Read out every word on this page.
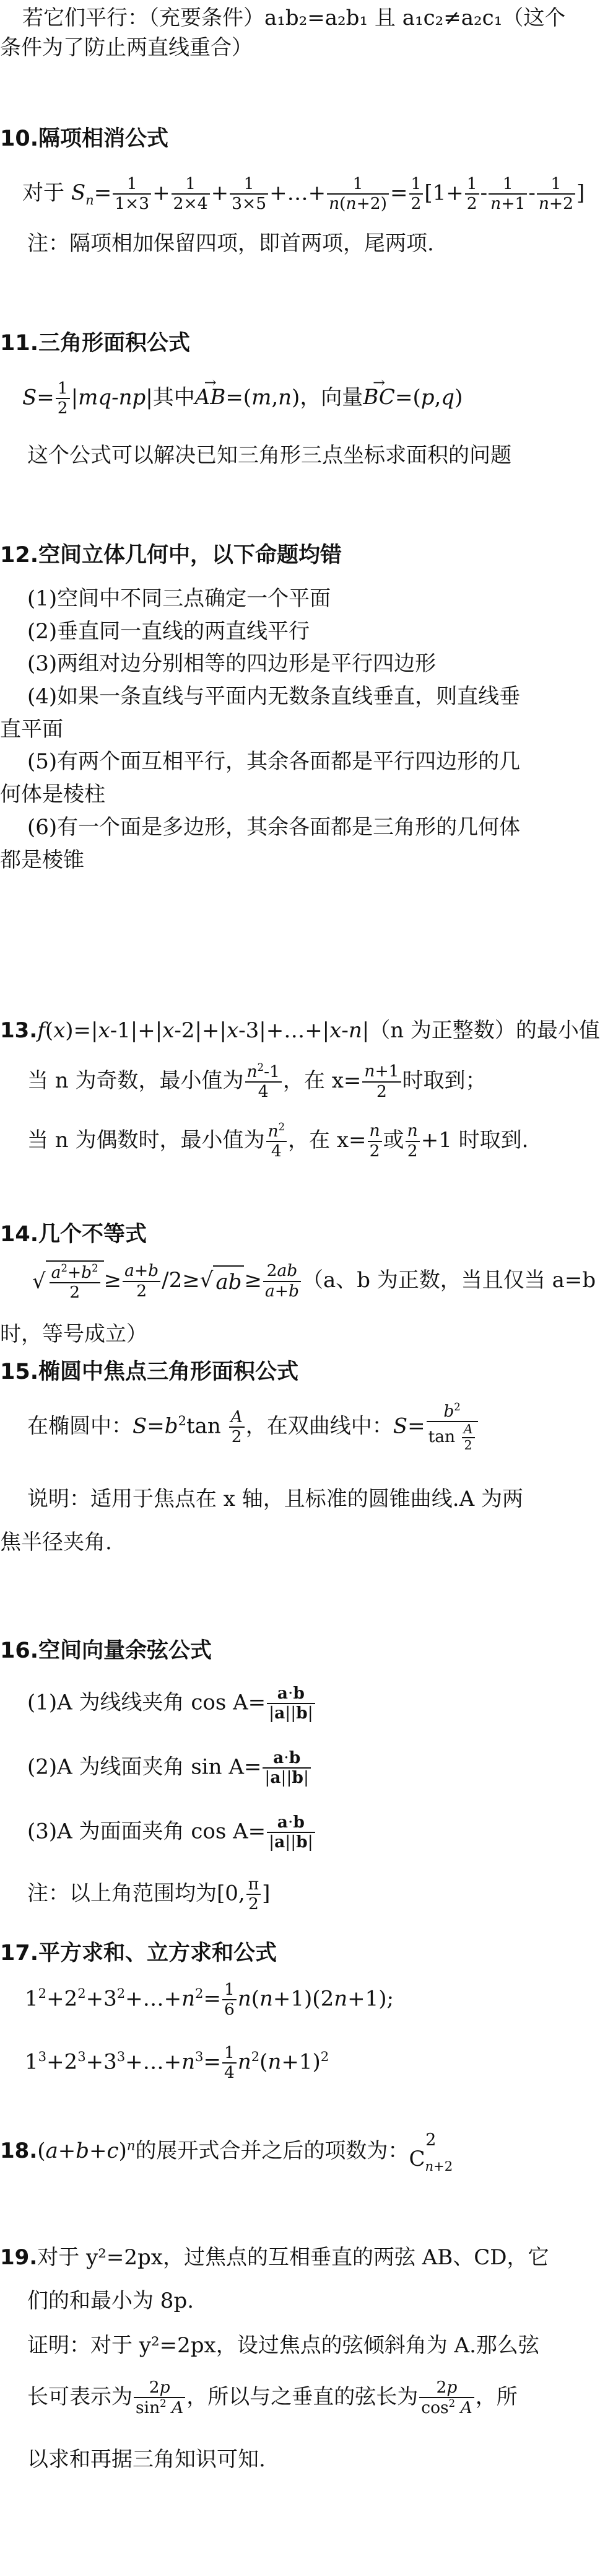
若它们平行：（充要条件）a₁b₂=a₂b₁ 且 a₁c₂≠a₂c₁（这个
条件为了防止两直线重合）
10.隔项相消公式
对于 $S_n= \frac{1}{1\times 3} + \frac{1}{2\times 4} + \frac{1}{3\times 5}$ +…+ $\frac{1}{n(n+2)} = \frac{1}{2} [1+ \frac{1}{2} - \frac{1}{n+1} - \frac{1}{n+2}$ ]
注：隔项相加保留四项，即首两项，尾两项.
11.三角形面积公式
$S= \frac{1}{2} |mq-np|$其中→ AB=(m,n)，向量→ BC=(p,q)
这个公式可以解决已知三角形三点坐标求面积的问题
12.空间立体几何中，以下命题均错
(1)空间中不同三点确定一个平面
(2)垂直同一直线的两直线平行
(3)两组对边分别相等的四边形是平行四边形
(4)如果一条直线与平面内无数条直线垂直，则直线垂
直平面
(5)有两个面互相平行，其余各面都是平行四边形的几
何体是棱柱
(6)有一个面是多边形，其余各面都是三角形的几何体
都是棱锥
13.f(x)=|x-1|+|x-2|+|x-3|+…+|x-n|（n 为正整数）的最小值
当 n 为奇数，最小值为 $\frac{n^2-1}{4}$ ，在 $x= \frac{n+1}{2}$ 时取到；
当 n 为偶数时，最小值为 $\frac{n^2}{4}$ ，在 $x= \frac{n}{2}$ 或 $\frac{n}{2} +1$ 时取到.
14.几个不等式
√ $\frac{a^2+b^2}{2} \ge \frac{a+b}{2} /2\ge√$ ab ≥ $\frac{2ab}{a+b} (a$、b 为正数，当且仅当 a=b
时，等号成立）
15.椭圆中焦点三角形面积公式
在椭圆中：$S=b^2\tan \frac{A}{2}$ ，在双曲线中：$S= \frac{b^2}{\tan \frac{A}{2}}$
说明：适用于焦点在 x 轴，且标准的圆锥曲线.A 为两
焦半径夹角.
16.空间向量余弦公式
(1)A 为线线夹角 $\cos A= \frac{a\cdot b}{|a||b|}$
(2)A 为线面夹角 $\sin A= \frac{a\cdot b}{|a||b|}$
(3)A 为面面夹角 $\cos A= \frac{a\cdot b}{|a||b|}$
注：以上角范围均为[0, $\frac{\pi}{2}$ ]
17.平方求和、立方求和公式
$1^2+2^2+3^2+\dots+n^2= \frac{1}{6} n(n+1)(2n+1)$;
$1^3+2^3+3^3+\dots+n^3= \frac{1}{4} n^2(n+1)^2$
$18.(a+b+c)^n$的展开式合并之后的项数为： 2
$C_{n+2}$
19.对于 y²=2px，过焦点的互相垂直的两弦 AB、CD，它
们的和最小为 8p.
证明：对于 y²=2px，设过焦点的弦倾斜角为 A.那么弦
长可表示为 $\frac{2p}{\sin^2 A}$ ，所以与之垂直的弦长为 $\frac{2p}{\cos^2 A}$ ，所
以求和再据三角知识可知.
